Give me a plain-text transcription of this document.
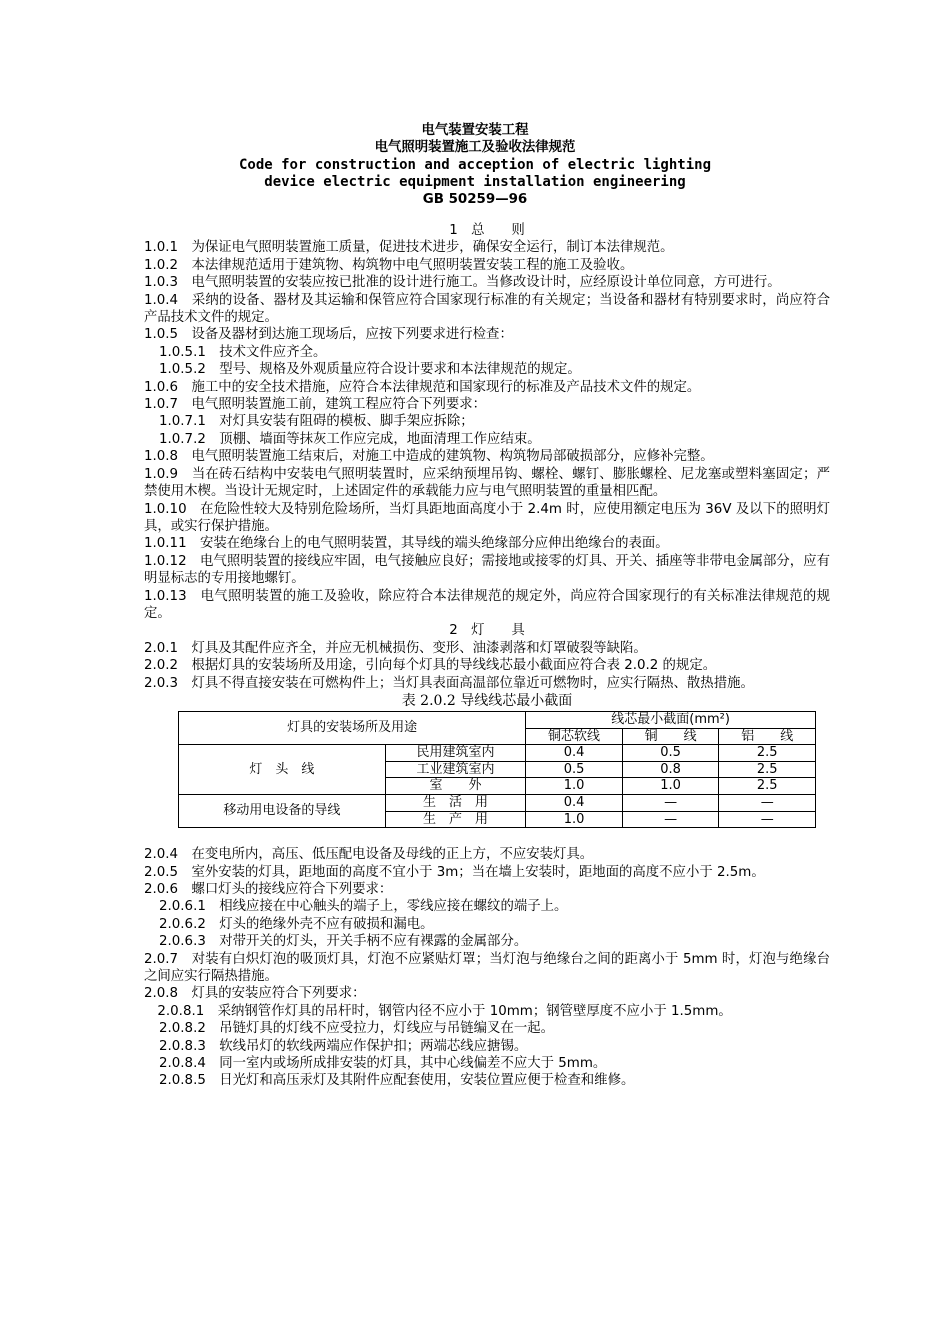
电气装置安装工程
电气照明装置施工及验收法律规范
Code for construction and acception of electric lighting
device electric equipment installation engineering
GB 50259—96
1　总　　则

1.0.1　为保证电气照明装置施工质量，促进技术进步，确保安全运行，制订本法律规范。

1.0.2　本法律规范适用于建筑物、构筑物中电气照明装置安装工程的施工及验收。

1.0.3　电气照明装置的安装应按已批准的设计进行施工。当修改设计时，应经原设计单位同意，方可进行。

1.0.4　采纳的设备、器材及其运输和保管应符合国家现行标准的有关规定；当设备和器材有特别要求时，尚应符合产品技术文件的规定。

1.0.5　设备及器材到达施工现场后，应按下列要求进行检查：

1.0.5.1　技术文件应齐全。

1.0.5.2　型号、规格及外观质量应符合设计要求和本法律规范的规定。

1.0.6　施工中的安全技术措施，应符合本法律规范和国家现行的标准及产品技术文件的规定。

1.0.7　电气照明装置施工前，建筑工程应符合下列要求：

1.0.7.1　对灯具安装有阻碍的模板、脚手架应拆除；

1.0.7.2　顶棚、墙面等抹灰工作应完成，地面清理工作应结束。

1.0.8　电气照明装置施工结束后，对施工中造成的建筑物、构筑物局部破损部分，应修补完整。

1.0.9　当在砖石结构中安装电气照明装置时，应采纳预埋吊钩、螺栓、螺钉、膨胀螺栓、尼龙塞或塑料塞固定；严禁使用木楔。当设计无规定时，上述固定件的承载能力应与电气照明装置的重量相匹配。

1.0.10　在危险性较大及特别危险场所，当灯具距地面高度小于 2.4m 时，应使用额定电压为 36V 及以下的照明灯具，或实行保护措施。

1.0.11　安装在绝缘台上的电气照明装置，其导线的端头绝缘部分应伸出绝缘台的表面。

1.0.12　电气照明装置的接线应牢固，电气接触应良好；需接地或接零的灯具、开关、插座等非带电金属部分，应有明显标志的专用接地螺钉。

1.0.13　电气照明装置的施工及验收，除应符合本法律规范的规定外，尚应符合国家现行的有关标准法律规范的规定。

2　灯　　具

2.0.1　灯具及其配件应齐全，并应无机械损伤、变形、油漆剥落和灯罩破裂等缺陷。

2.0.2　根据灯具的安装场所及用途，引向每个灯具的导线线芯最小截面应符合表 2.0.2 的规定。

2.0.3　灯具不得直接安装在可燃构件上；当灯具表面高温部位靠近可燃物时，应实行隔热、散热措施。

表 2.0.2 导线线芯最小截面
灯具的安装场所及用途		线芯最小截面(mm²)		
		铜芯软线	铜　　线	铝　　线
灯　头　线	民用建筑室内	0.4	0.5	2.5
	工业建筑室内	0.5	0.8	2.5
	室　　外	1.0	1.0	2.5
移动用电设备的导线	生　活　用	0.4	—	—
	生　产　用	1.0	—	—

2.0.4　在变电所内，高压、低压配电设备及母线的正上方，不应安装灯具。

2.0.5　室外安装的灯具，距地面的高度不宜小于 3m；当在墙上安装时，距地面的高度不应小于 2.5m。

2.0.6　螺口灯头的接线应符合下列要求：

2.0.6.1　相线应接在中心触头的端子上，零线应接在螺纹的端子上。

2.0.6.2　灯头的绝缘外壳不应有破损和漏电。

2.0.6.3　对带开关的灯头，开关手柄不应有裸露的金属部分。

2.0.7　对装有白炽灯泡的吸顶灯具，灯泡不应紧贴灯罩；当灯泡与绝缘台之间的距离小于 5mm 时，灯泡与绝缘台之间应实行隔热措施。

2.0.8　灯具的安装应符合下列要求：

　2.0.8.1　采纳钢管作灯具的吊杆时，钢管内径不应小于 10mm；钢管壁厚度不应小于 1.5mm。

2.0.8.2　吊链灯具的灯线不应受拉力，灯线应与吊链编叉在一起。

2.0.8.3　软线吊灯的软线两端应作保护扣；两端芯线应搪锡。

2.0.8.4　同一室内或场所成排安装的灯具，其中心线偏差不应大于 5mm。

2.0.8.5　日光灯和高压汞灯及其附件应配套使用，安装位置应便于检查和维修。
